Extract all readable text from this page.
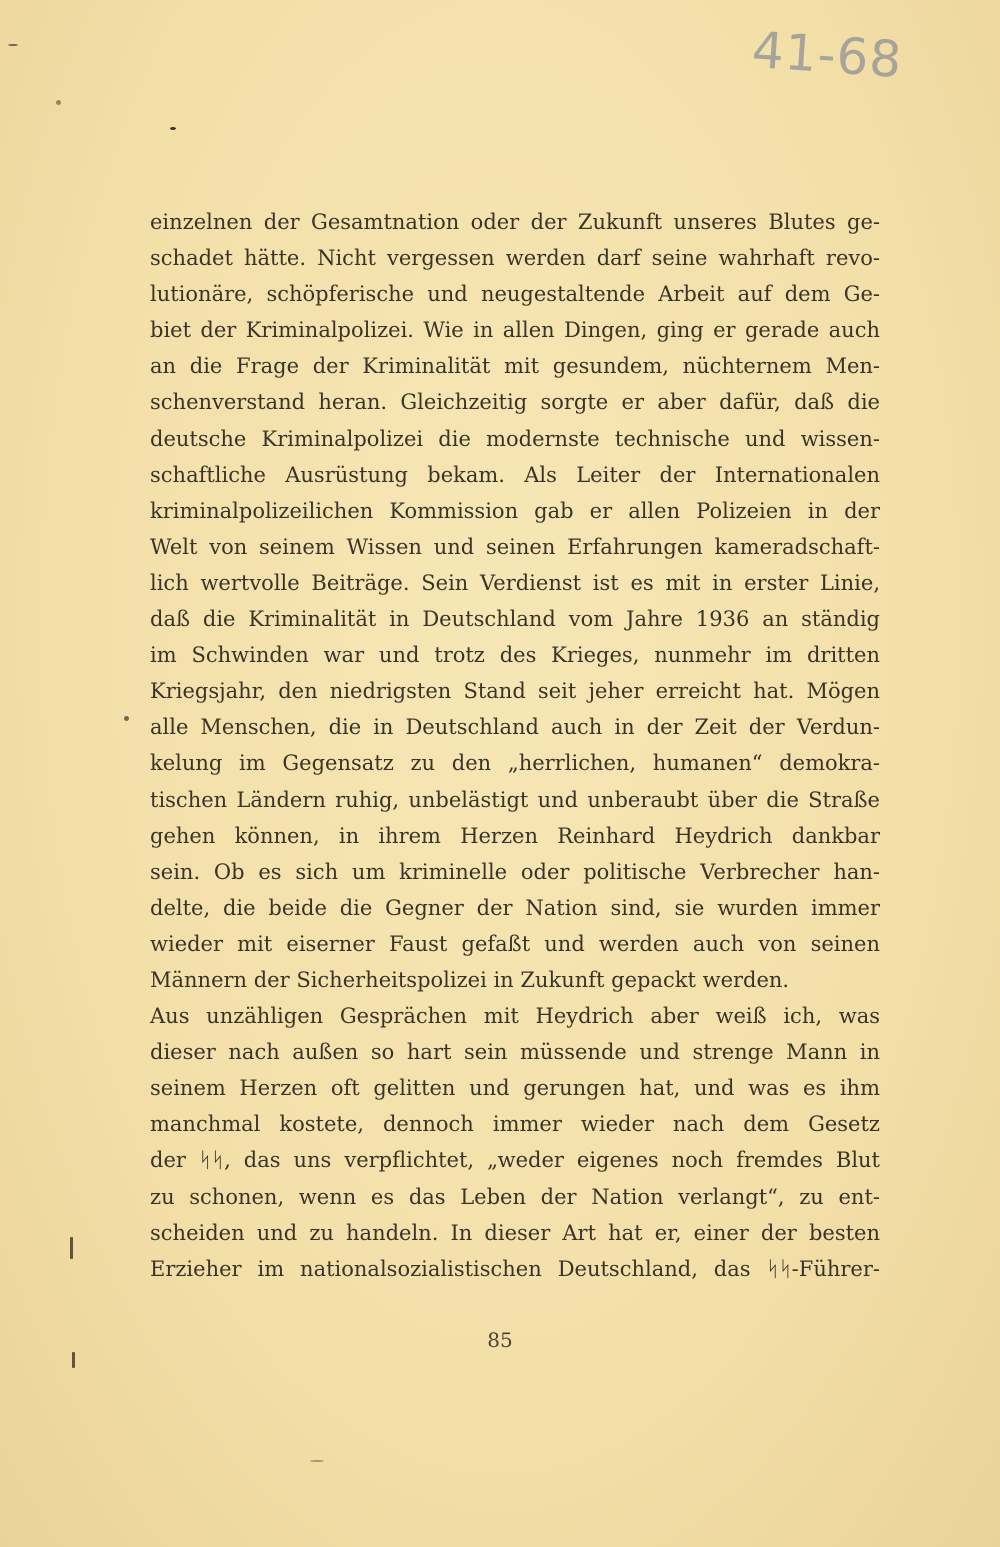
41-68
einzelnen der Gesamtnation oder der Zukunft unseres Blutes ge-
schadet hätte. Nicht vergessen werden darf seine wahrhaft revo-
lutionäre, schöpferische und neugestaltende Arbeit auf dem Ge-
biet der Kriminalpolizei. Wie in allen Dingen, ging er gerade auch
an die Frage der Kriminalität mit gesundem, nüchternem Men-
schenverstand heran. Gleichzeitig sorgte er aber dafür, daß die
deutsche Kriminalpolizei die modernste technische und wissen-
schaftliche Ausrüstung bekam. Als Leiter der Internationalen
kriminalpolizeilichen Kommission gab er allen Polizeien in der
Welt von seinem Wissen und seinen Erfahrungen kameradschaft-
lich wertvolle Beiträge. Sein Verdienst ist es mit in erster Linie,
daß die Kriminalität in Deutschland vom Jahre 1936 an ständig
im Schwinden war und trotz des Krieges, nunmehr im dritten
Kriegsjahr, den niedrigsten Stand seit jeher erreicht hat. Mögen
alle Menschen, die in Deutschland auch in der Zeit der Verdun-
kelung im Gegensatz zu den „herrlichen, humanen“ demokra-
tischen Ländern ruhig, unbelästigt und unberaubt über die Straße
gehen können, in ihrem Herzen Reinhard Heydrich dankbar
sein. Ob es sich um kriminelle oder politische Verbrecher han-
delte, die beide die Gegner der Nation sind, sie wurden immer
wieder mit eiserner Faust gefaßt und werden auch von seinen
Männern der Sicherheitspolizei in Zukunft gepackt werden.
Aus unzähligen Gesprächen mit Heydrich aber weiß ich, was
dieser nach außen so hart sein müssende und strenge Mann in
seinem Herzen oft gelitten und gerungen hat, und was es ihm
manchmal kostete, dennoch immer wieder nach dem Gesetz
der ᛋᛋ, das uns verpflichtet, „weder eigenes noch fremdes Blut
zu schonen, wenn es das Leben der Nation verlangt“, zu ent-
scheiden und zu handeln. In dieser Art hat er, einer der besten
Erzieher im nationalsozialistischen Deutschland, das ᛋᛋ-Führer-
85
